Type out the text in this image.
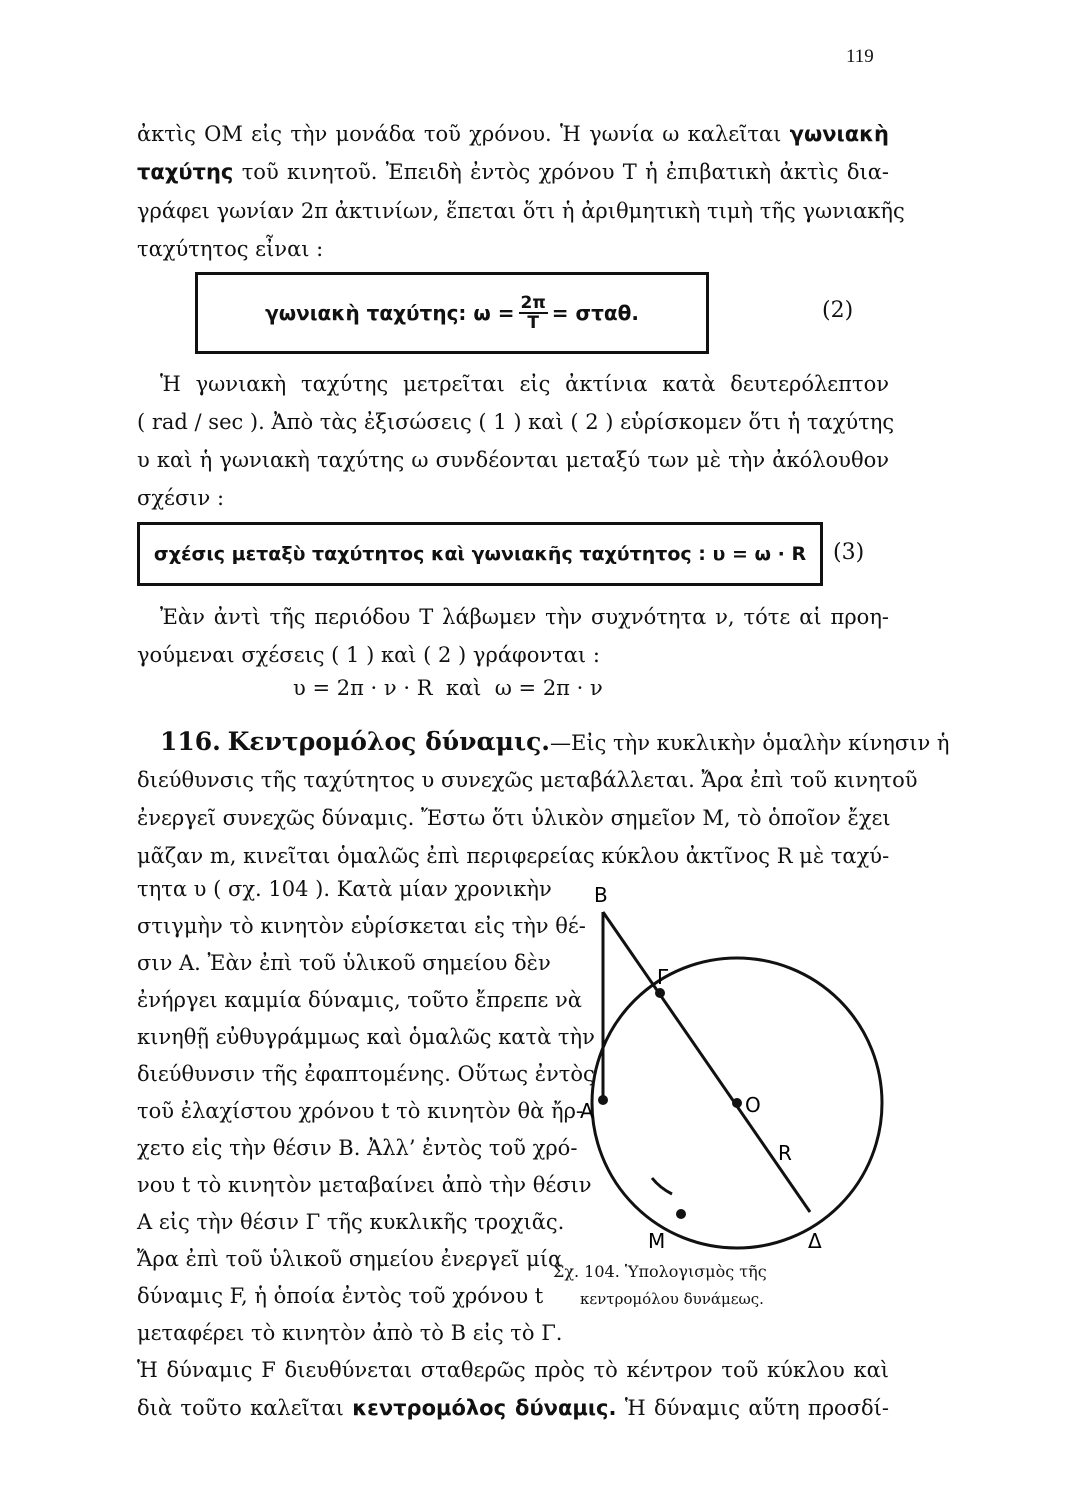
119
ἀκτὶς ΟΜ εἰς τὴν μονάδα τοῦ χρόνου. Ἡ γωνία ω καλεῖται γωνιακὴ
ταχύτης τοῦ κινητοῦ. Ἐπειδὴ ἐντὸς χρόνου Τ ἡ ἐπιβατικὴ ἀκτὶς δια-
γράφει γωνίαν 2π ἀκτινίων, ἕπεται ὅτι ἡ ἀριθμητικὴ τιμὴ τῆς γωνιακῆς
ταχύτητος εἶναι :
γωνιακὴ ταχύτης:
$\omega = \frac{2\pi}{T} = \sigma\tau\alpha\theta$.	(2)
Ἡ γωνιακὴ ταχύτης μετρεῖται εἰς ἀκτίνια κατὰ δευτερόλεπτον
( rad / sec ). Ἀπὸ τὰς ἐξισώσεις ( 1 ) καὶ ( 2 ) εὑρίσκομεν ὅτι ἡ ταχύτης
υ καὶ ἡ γωνιακὴ ταχύτης ω συνδέονται μεταξύ των μὲ τὴν ἀκόλουθον
σχέσιν :
σχέσις μεταξὺ ταχύτητος καὶ γωνιακῆς ταχύτητος : υ = ω · R (3)
Ἐὰν ἀντὶ τῆς περιόδου Τ λάβωμεν τὴν συχνότητα ν, τότε αἱ προη-
γούμεναι σχέσεις ( 1 ) καὶ ( 2 ) γράφονται :
υ = 2π · ν · R  καὶ  ω = 2π · ν
116. Κεντρομόλος δύναμις.—Εἰς τὴν κυκλικὴν ὁμαλὴν κίνησιν ἡ
διεύθυνσις τῆς ταχύτητος υ συνεχῶς μεταβάλλεται. Ἄρα ἐπὶ τοῦ κινητοῦ
ἐνεργεῖ συνεχῶς δύναμις. Ἔστω ὅτι ὑλικὸν σημεῖον Μ, τὸ ὁποῖον ἔχει
μᾶζαν m, κινεῖται ὁμαλῶς ἐπὶ περιφερείας κύκλου ἀκτῖνος R μὲ ταχύ-
τητα υ ( σχ. 104 ). Κατὰ μίαν χρονικὴν
στιγμὴν τὸ κινητὸν εὑρίσκεται εἰς τὴν θέ-
σιν Α. Ἐὰν ἐπὶ τοῦ ὑλικοῦ σημείου δὲν
ἐνήργει καμμία δύναμις, τοῦτο ἔπρεπε νὰ
κινηθῇ εὐθυγράμμως καὶ ὁμαλῶς κατὰ τὴν
διεύθυνσιν τῆς ἐφαπτομένης. Οὕτως ἐντὸς
τοῦ ἐλαχίστου χρόνου t τὸ κινητὸν θὰ ἤρ-
χετο εἰς τὴν θέσιν Β. Ἀλλ’ ἐντὸς τοῦ χρό-
νου t τὸ κινητὸν μεταβαίνει ἀπὸ τὴν θέσιν
Α εἰς τὴν θέσιν Γ τῆς κυκλικῆς τροχιᾶς.
Ἄρα ἐπὶ τοῦ ὑλικοῦ σημείου ἐνεργεῖ μία
δύναμις F, ἡ ὁποία ἐντὸς τοῦ χρόνου t
μεταφέρει τὸ κινητὸν ἀπὸ τὸ Β εἰς τὸ Γ.
Ἡ δύναμις F διευθύνεται σταθερῶς πρὸς τὸ κέντρον τοῦ κύκλου καὶ
διὰ τοῦτο καλεῖται κεντρομόλος δύναμις. Ἡ δύναμις αὕτη προσδί-
B
Γ
A	O
R
M	Δ
Σχ. 104. Ὑπολογισμὸς τῆς
κεντρομόλου δυνάμεως.
